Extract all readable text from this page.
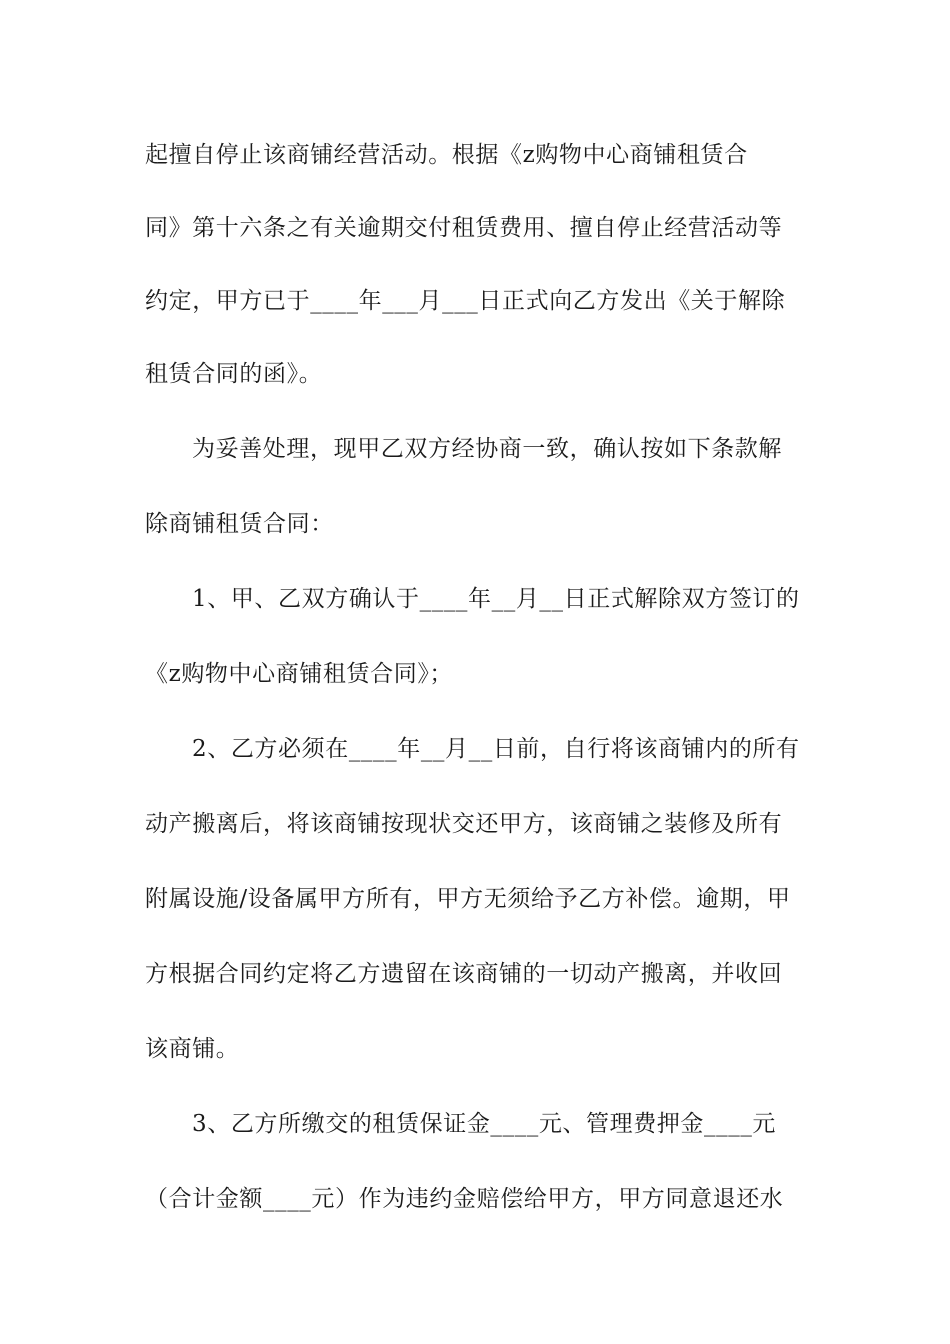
起擅自停止该商铺经营活动。根据《z购物中心商铺租赁合
同》第十六条之有关逾期交付租赁费用、擅自停止经营活动等
约定，甲方已于____年___月___日正式向乙方发出《关于解除
租赁合同的函》。
为妥善处理，现甲乙双方经协商一致，确认按如下条款解
除商铺租赁合同：
1、甲、乙双方确认于____年__月__日正式解除双方签订的
《z购物中心商铺租赁合同》；
2、乙方必须在____年__月__日前，自行将该商铺内的所有
动产搬离后，将该商铺按现状交还甲方，该商铺之装修及所有
附属设施/设备属甲方所有，甲方无须给予乙方补偿。逾期，甲
方根据合同约定将乙方遗留在该商铺的一切动产搬离，并收回
该商铺。
3、乙方所缴交的租赁保证金____元、管理费押金____元
（合计金额____元）作为违约金赔偿给甲方，甲方同意退还水
